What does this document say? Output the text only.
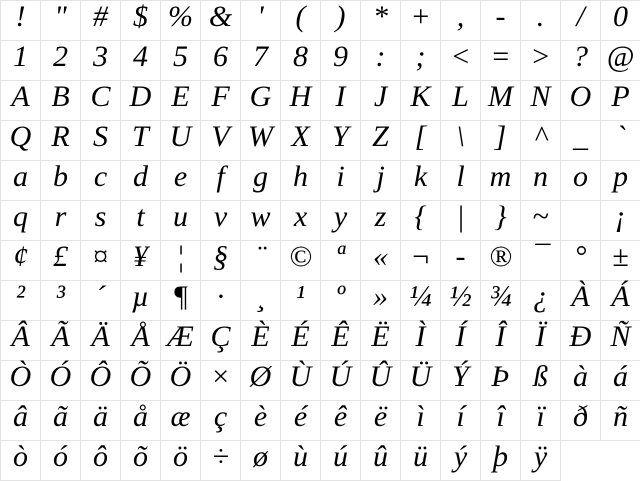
! " # $ % & '	(	) * + ,	-	.	/ 0
1 2 3 4 5 6 7 8 9 :	; < = > ? @
A B C D E F G H I J K L M N O P
Q R S T U V W X Y Z [ \ ] ^ _ `
a b c d e f g h i	j k l m n o p
q r s t u v w x y z { | } ~	¡
¢ £ ¤ ¥ ¦ § ¨ © ª « ¬ - ® ¯ ° ±
²	³	´ µ ¶ ·	¸	¹	º » ¼ ½ ¾ ¿ À Á
Â Ã Ä Å Æ Ç È É Ê Ë Ì	Í	Î	Ï Ð Ñ
Ò Ó Ô Õ Ö × Ø Ù Ú Û Ü Ý Þ ß à á
â ã ä å æ ç è é ê ë ì	í	î	ï ð ñ
ò ó ô õ ö ÷ ø ù ú û ü ý þ ÿ
